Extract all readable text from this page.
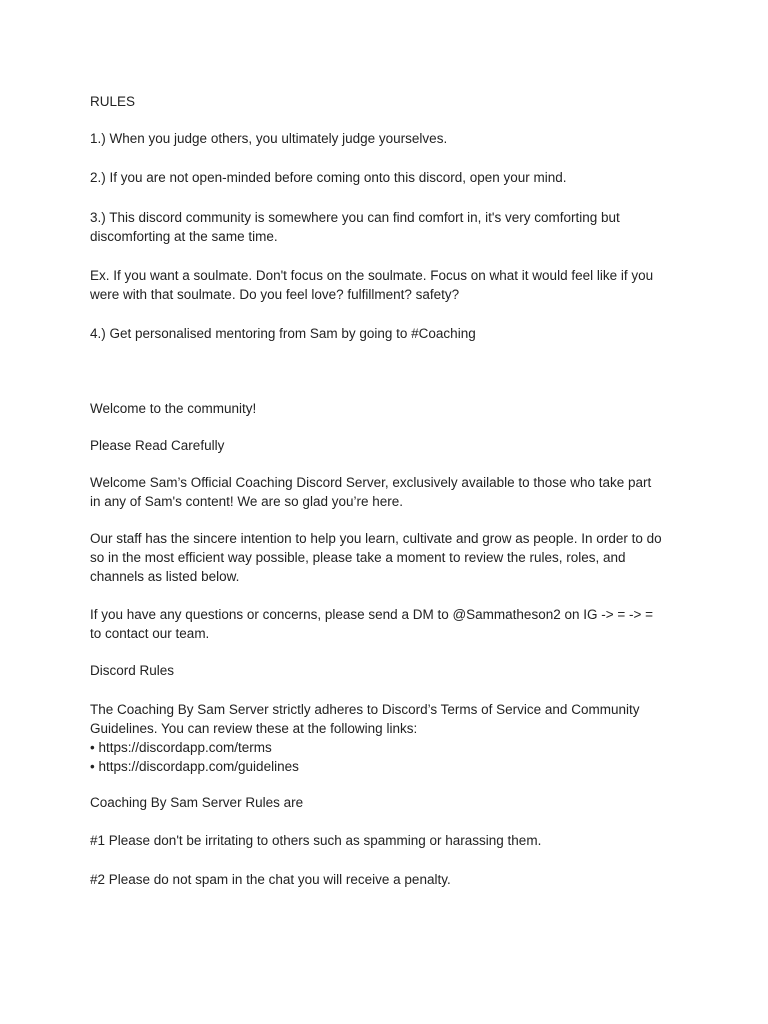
RULES

1.) When you judge others, you ultimately judge yourselves.

2.) If you are not open-minded before coming onto this discord, open your mind.

3.) This discord community is somewhere you can find comfort in, it's very comforting but
discomforting at the same time.

Ex. If you want a soulmate. Don't focus on the soulmate. Focus on what it would feel like if you
were with that soulmate. Do you feel love? fulfillment? safety?

4.) Get personalised mentoring from Sam by going to #Coaching

Welcome to the community!

Please Read Carefully

Welcome Sam’s Official Coaching Discord Server, exclusively available to those who take part
in any of Sam's content! We are so glad you’re here.

Our staff has the sincere intention to help you learn, cultivate and grow as people. In order to do
so in the most efficient way possible, please take a moment to review the rules, roles, and
channels as listed below.

If you have any questions or concerns, please send a DM to @Sammatheson2 on IG -> = -> =
to contact our team.

Discord Rules

The Coaching By Sam Server strictly adheres to Discord’s Terms of Service and Community
Guidelines. You can review these at the following links:
• https://discordapp.com/terms
• https://discordapp.com/guidelines

Coaching By Sam Server Rules are

#1 Please don't be irritating to others such as spamming or harassing them.

#2 Please do not spam in the chat you will receive a penalty.
